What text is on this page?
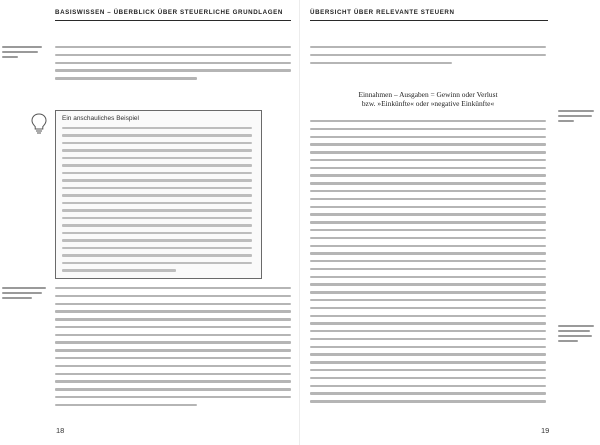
BASISWISSEN – ÜBERBLICK ÜBER STEUERLICHE GRUNDLAGEN
Ein anschauliches Beispiel
18
ÜBERSICHT ÜBER RELEVANTE STEUERN
Einnahmen – Ausgaben = Gewinn oder Verlust
bzw. »Einkünfte« oder »negative Einkünfte«
19
